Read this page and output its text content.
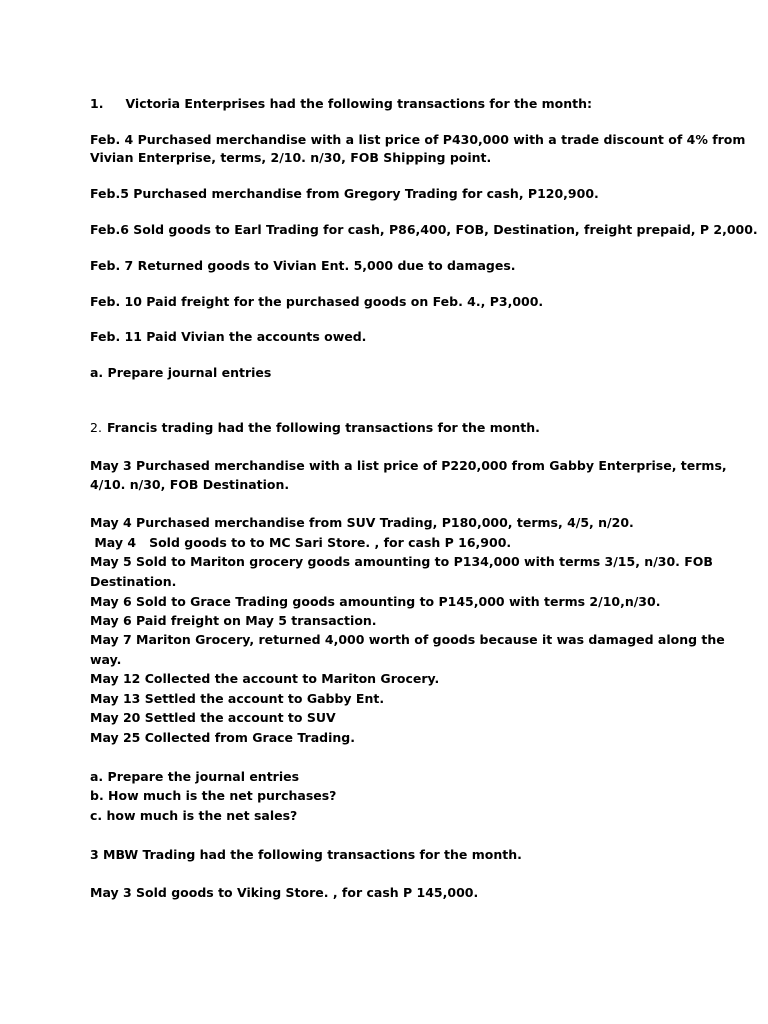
1. Victoria Enterprises had the following transactions for the month:
Feb. 4 Purchased merchandise with a list price of P430,000 with a trade discount of 4% from
Vivian Enterprise, terms, 2/10. n/30, FOB Shipping point.
Feb.5 Purchased merchandise from Gregory Trading for cash, P120,900.
Feb.6 Sold goods to Earl Trading for cash, P86,400, FOB, Destination, freight prepaid, P 2,000.
Feb. 7 Returned goods to Vivian Ent. 5,000 due to damages.
Feb. 10 Paid freight for the purchased goods on Feb. 4., P3,000.
Feb. 11 Paid Vivian the accounts owed.
a. Prepare journal entries
2. Francis trading had the following transactions for the month.
May 3 Purchased merchandise with a list price of P220,000 from Gabby Enterprise, terms,
4/10. n/30, FOB Destination.
May 4 Purchased merchandise from SUV Trading, P180,000, terms, 4/5, n/20.
May 4   Sold goods to to MC Sari Store. , for cash P 16,900.
May 5 Sold to Mariton grocery goods amounting to P134,000 with terms 3/15, n/30. FOB
Destination.
May 6 Sold to Grace Trading goods amounting to P145,000 with terms 2/10,n/30.
May 6 Paid freight on May 5 transaction.
May 7 Mariton Grocery, returned 4,000 worth of goods because it was damaged along the
way.
May 12 Collected the account to Mariton Grocery.
May 13 Settled the account to Gabby Ent.
May 20 Settled the account to SUV
May 25 Collected from Grace Trading.
a. Prepare the journal entries
b. How much is the net purchases?
c. how much is the net sales?
3 MBW Trading had the following transactions for the month.
May 3 Sold goods to Viking Store. , for cash P 145,000.
